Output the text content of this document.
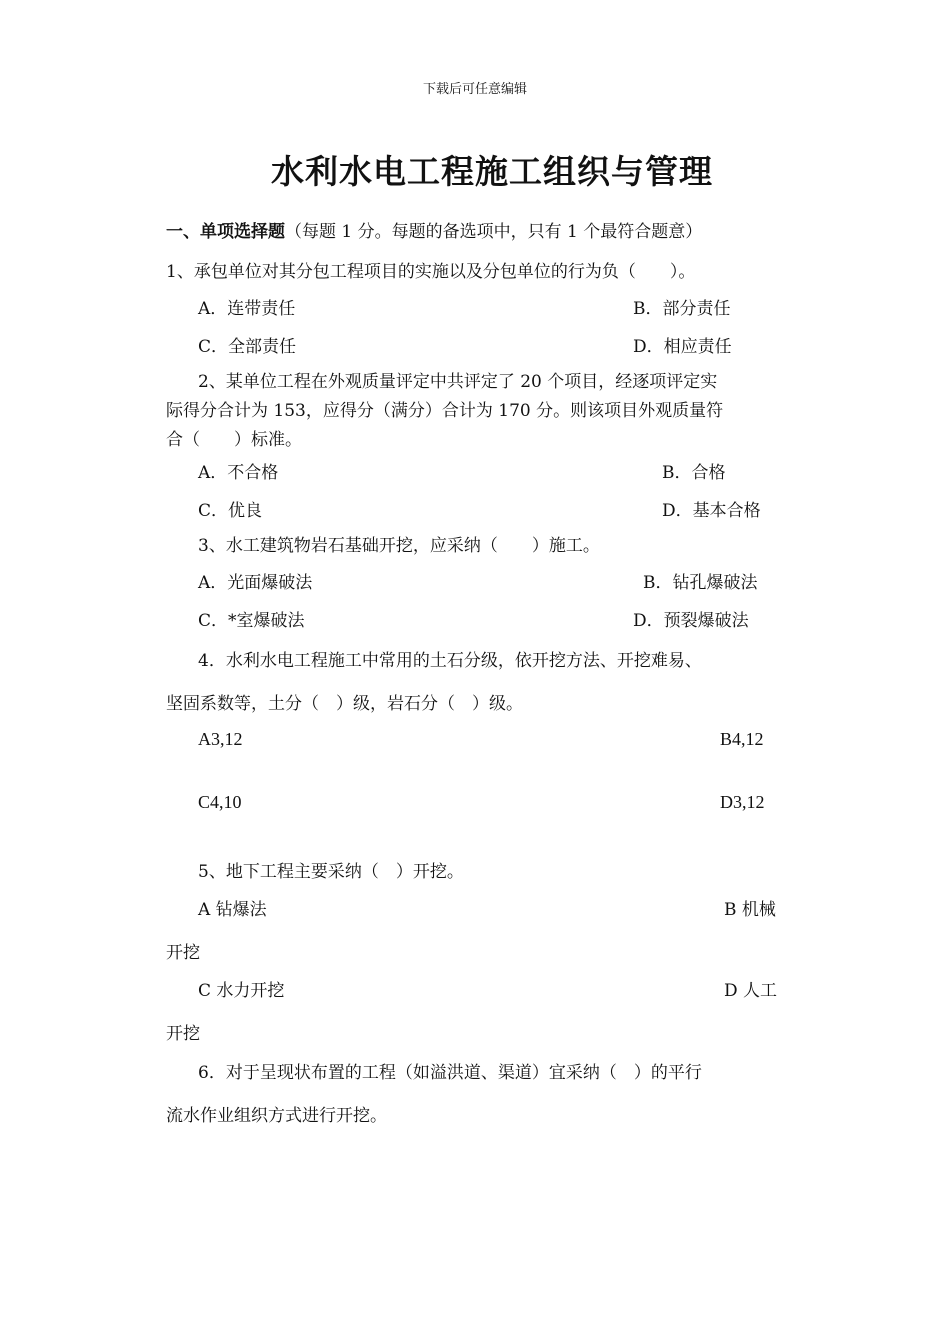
下载后可任意编辑
水利水电工程施工组织与管理
一、单项选择题（每题 1 分。每题的备选项中，只有 1 个最符合题意）
1、承包单位对其分包工程项目的实施以及分包单位的行为负（　　）。
A．连带责任	B．部分责任
C．全部责任	D．相应责任
2、某单位工程在外观质量评定中共评定了 20 个项目，经逐项评定实
际得分合计为 153，应得分（满分）合计为 170 分。则该项目外观质量符
合（　　）标准。
A．不合格	B．合格
C．优良	D．基本合格
3、水工建筑物岩石基础开挖，应采纳（　　）施工。
A．光面爆破法	B．钻孔爆破法
C．*室爆破法	D．预裂爆破法
4．水利水电工程施工中常用的土石分级，依开挖方法、开挖难易、
坚固系数等，土分（　）级，岩石分（　）级。
A3,12	B4,12
C4,10	D3,12
5、地下工程主要采纳（　）开挖。
A 钻爆法	B 机械
开挖
C 水力开挖	D 人工
开挖
6．对于呈现状布置的工程（如溢洪道、渠道）宜采纳（　）的平行
流水作业组织方式进行开挖。
